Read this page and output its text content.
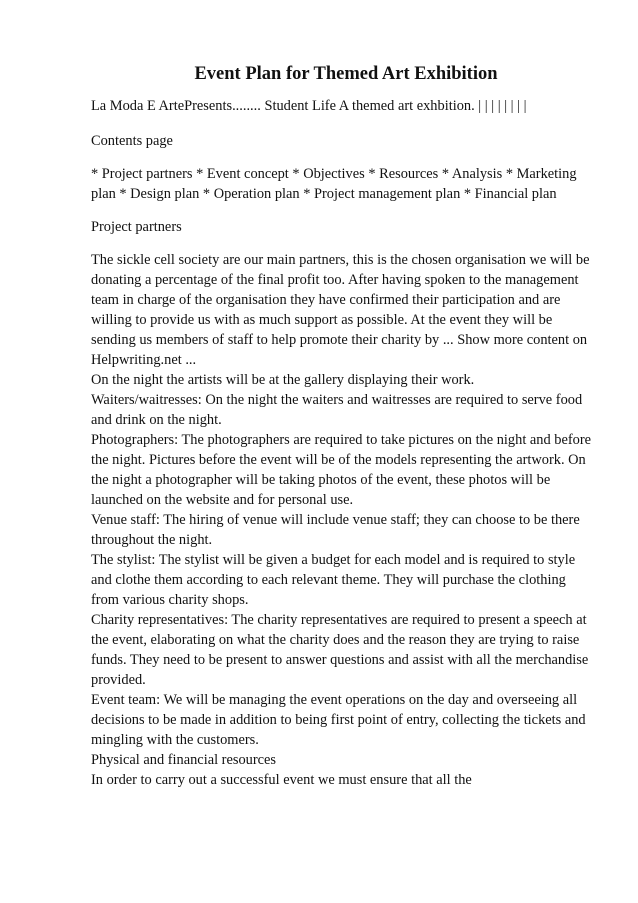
Event Plan for Themed Art Exhibition

La Moda E ArtePresents........ Student Life A themed art exhbition. | | | | | | | |

Contents page

* Project partners * Event concept * Objectives * Resources * Analysis * Marketing plan * Design plan * Operation plan * Project management plan * Financial plan

Project partners

The sickle cell society are our main partners, this is the chosen organisation we will be donating a percentage of the final profit too. After having spoken to the management team in charge of the organisation they have confirmed their participation and are willing to provide us with as much support as possible. At the event they will be sending us members of staff to help promote their charity by ... Show more content on Helpwriting.net ...
On the night the artists will be at the gallery displaying their work.
Waiters/waitresses: On the night the waiters and waitresses are required to serve food and drink on the night.
Photographers: The photographers are required to take pictures on the night and before the night. Pictures before the event will be of the models representing the artwork. On the night a photographer will be taking photos of the event, these photos will be launched on the website and for personal use.
Venue staff: The hiring of venue will include venue staff; they can choose to be there throughout the night.
The stylist: The stylist will be given a budget for each model and is required to style and clothe them according to each relevant theme. They will purchase the clothing from various charity shops.
Charity representatives: The charity representatives are required to present a speech at the event, elaborating on what the charity does and the reason they are trying to raise funds. They need to be present to answer questions and assist with all the merchandise provided.
Event team: We will be managing the event operations on the day and overseeing all decisions to be made in addition to being first point of entry, collecting the tickets and mingling with the customers.
Physical and financial resources
In order to carry out a successful event we must ensure that all the
